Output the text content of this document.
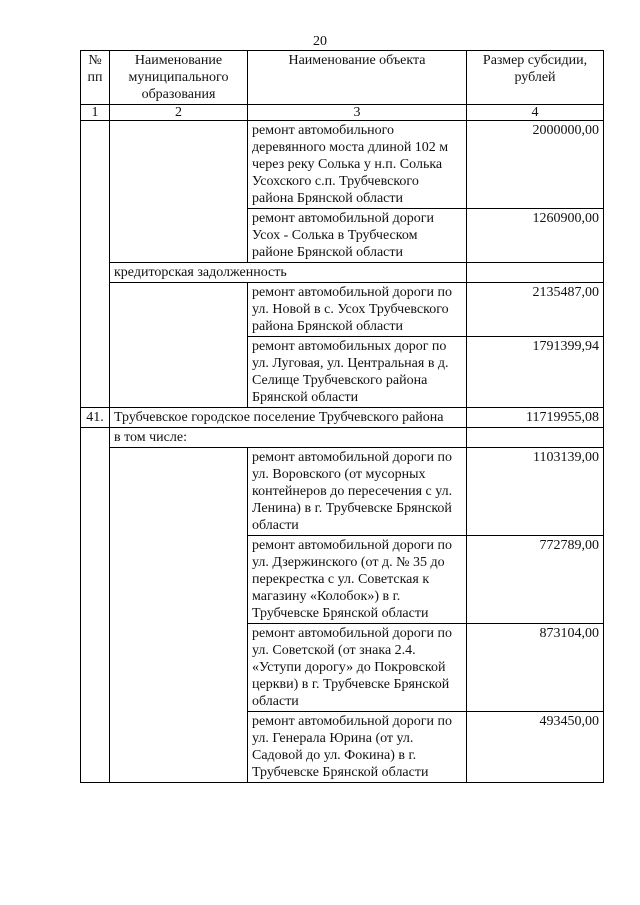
20
№ пп	Наименование муниципального образования	Наименование объекта	Размер субсидии, рублей
1	2	3	4
		ремонт автомобильного деревянного моста длиной 102 м через реку Солька у н.п. Солька Усохского с.п. Трубчевского района Брянской области	2000000,00
		ремонт автомобильной дороги Усох - Солька в Трубческом районе Брянской области	1260900,00
	кредиторская задолженность		
		ремонт автомобильной дороги по ул. Новой в с. Усох Трубчевского района Брянской области	2135487,00
		ремонт автомобильных дорог по ул. Луговая, ул. Центральная в д. Селище Трубчевского района Брянской области	1791399,94
41.	Трубчевское городское поселение Трубчевского района		11719955,08
	в том числе:		
		ремонт автомобильной дороги по ул. Воровского (от мусорных контейнеров до пересечения с ул. Ленина) в г. Трубчевске Брянской области	1103139,00
		ремонт автомобильной дороги по ул. Дзержинского (от д. № 35 до перекрестка с ул. Советская к магазину «Колобок») в г. Трубчевске Брянской области	772789,00
		ремонт автомобильной дороги по ул. Советской (от знака 2.4. «Уступи дорогу» до Покровской церкви) в г. Трубчевске Брянской области	873104,00
		ремонт автомобильной дороги по ул. Генерала Юрина (от ул. Садовой до ул. Фокина) в г. Трубчевске Брянской области	493450,00
